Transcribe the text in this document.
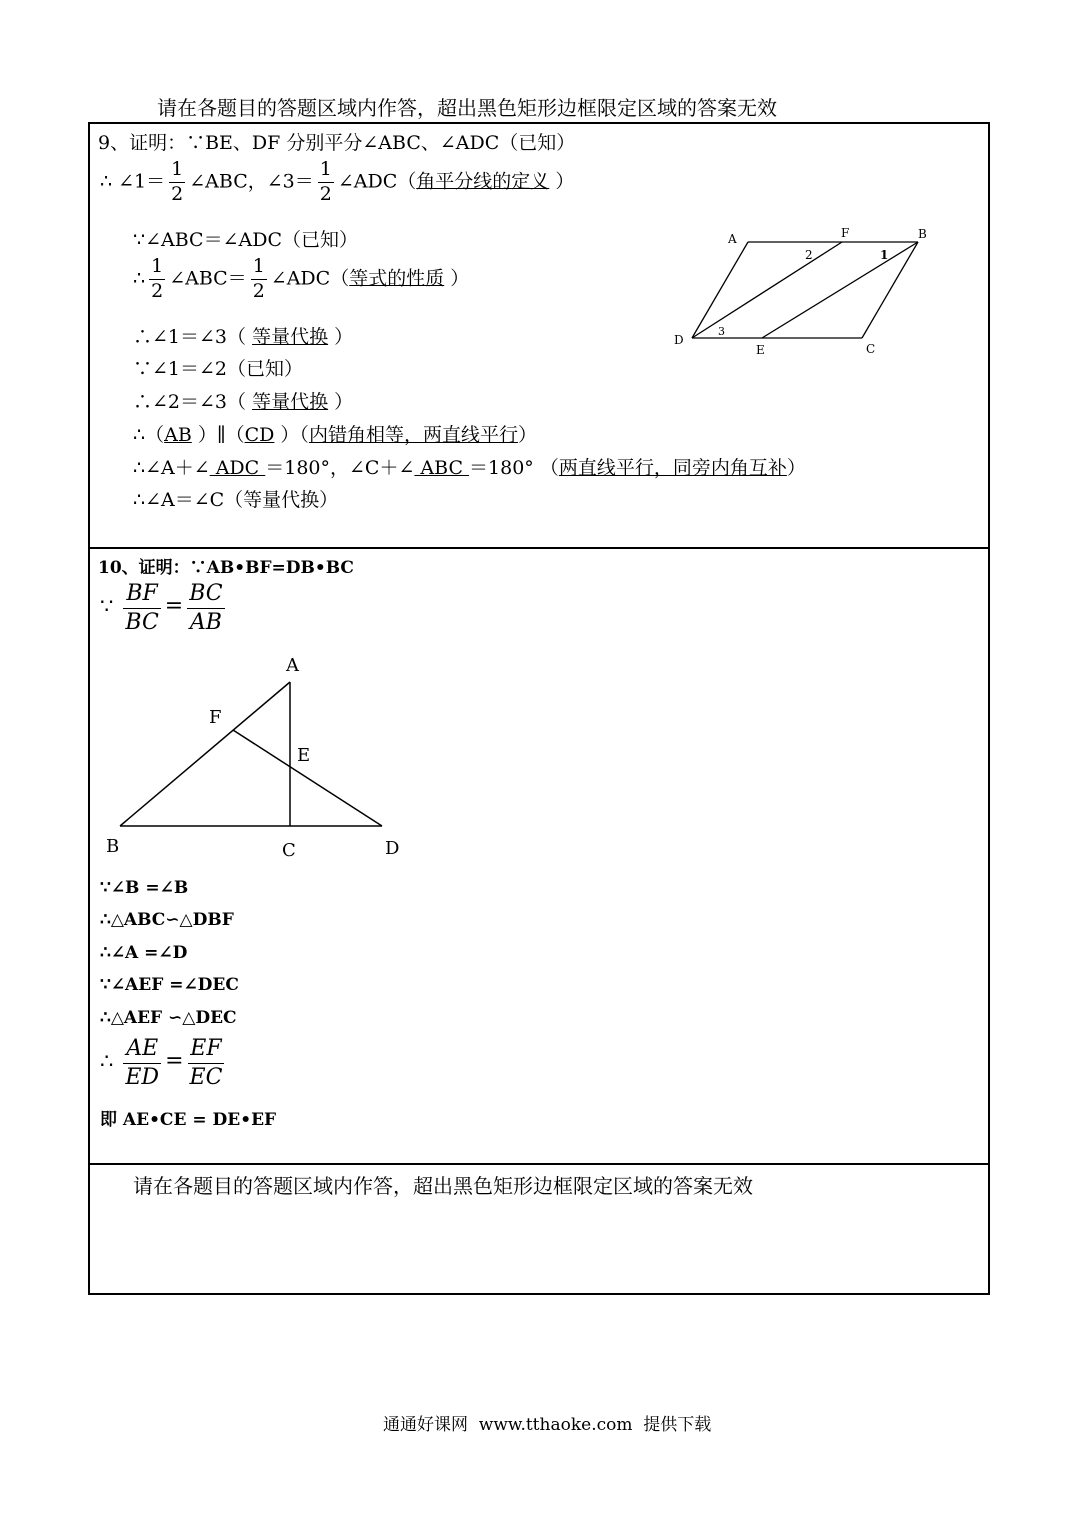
请在各题目的答题区域内作答，超出黑色矩形边框限定区域的答案无效
9、证明：∵BE、DF 分别平分∠ABC、∠ADC（已知）
∴ ∠1＝ $\frac{1}{2}$ ∠ABC，∠3＝ $\frac{1}{2}$ ∠ADC（角平分线的定义 ）
∵∠ABC＝∠ADC（已知）
∴ $\frac{1}{2}$ ∠ABC＝ $\frac{1}{2}$ ∠ADC（等式的性质 ）
∴∠1＝∠3（ 等量代换 ）
∵∠1＝∠2（已知）
∴∠2＝∠3（ 等量代换 ）
∴（AB ）∥（CD ）（内错角相等，两直线平行）
∴∠A＋∠ ADC ＝180°，∠C＋∠ ABC ＝180° （两直线平行，同旁内角互补）
∴∠A＝∠C（等量代换）
A	F	B
D
E	C
1
2
3
10、证明：∵AB•BF=DB•BC
∵ $\frac{BF}{BC} = \frac{BC}{AB}$
A
F
E
B	C	D
∵∠B =∠B
∴△ABC∽△DBF
∴∠A =∠D
∵∠AEF =∠DEC
∴△AEF ∽△DEC
∴ $\frac{AE}{ED} = \frac{EF}{EC}$
即 AE•CE = DE•EF
请在各题目的答题区域内作答，超出黑色矩形边框限定区域的答案无效
通通好课网  www.tthaoke.com  提供下载
